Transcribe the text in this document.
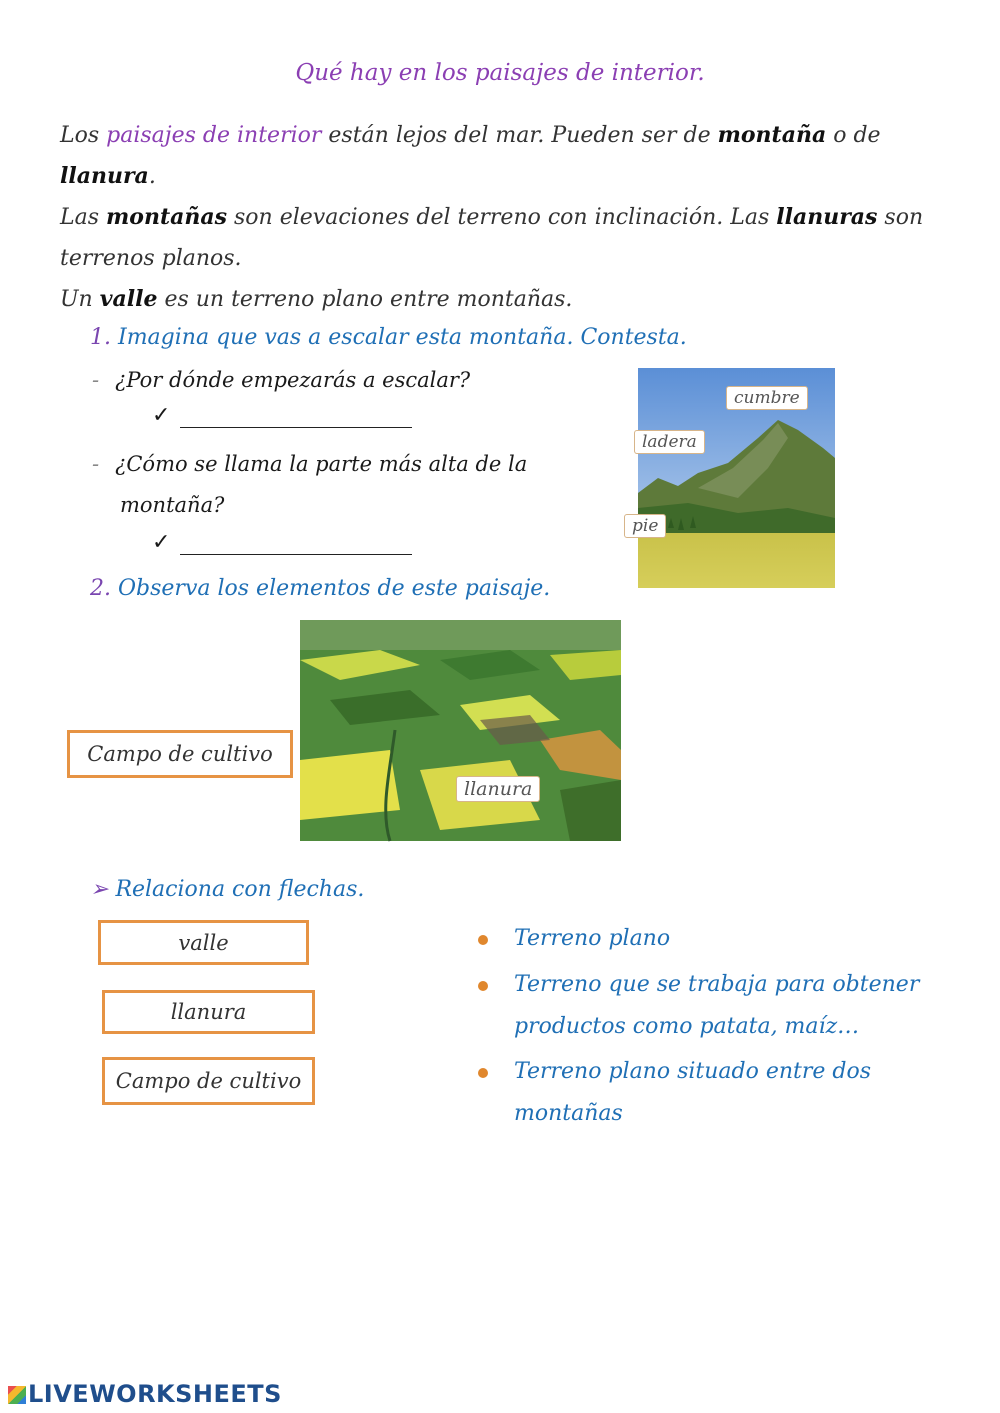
Qué hay en los paisajes de interior.
Los paisajes de interior están lejos del mar. Pueden ser de montaña o de llanura.
Las montañas son elevaciones del terreno con inclinación. Las llanuras son terrenos planos.
Un valle es un terreno plano entre montañas.
1. Imagina que vas a escalar esta montaña. Contesta.
- ¿Por dónde empezarás a escalar?
✓
- ¿Cómo se llama la parte más alta de la
montaña?
✓
cumbre
ladera
pie
2. Observa los elementos de este paisaje.
llanura
Campo de cultivo
➢ Relaciona con flechas.
valle
llanura
Campo de cultivo
Terreno plano
Terreno que se trabaja para obtener productos como patata, maíz…
Terreno plano situado entre dos montañas
LIVEWORKSHEETS
